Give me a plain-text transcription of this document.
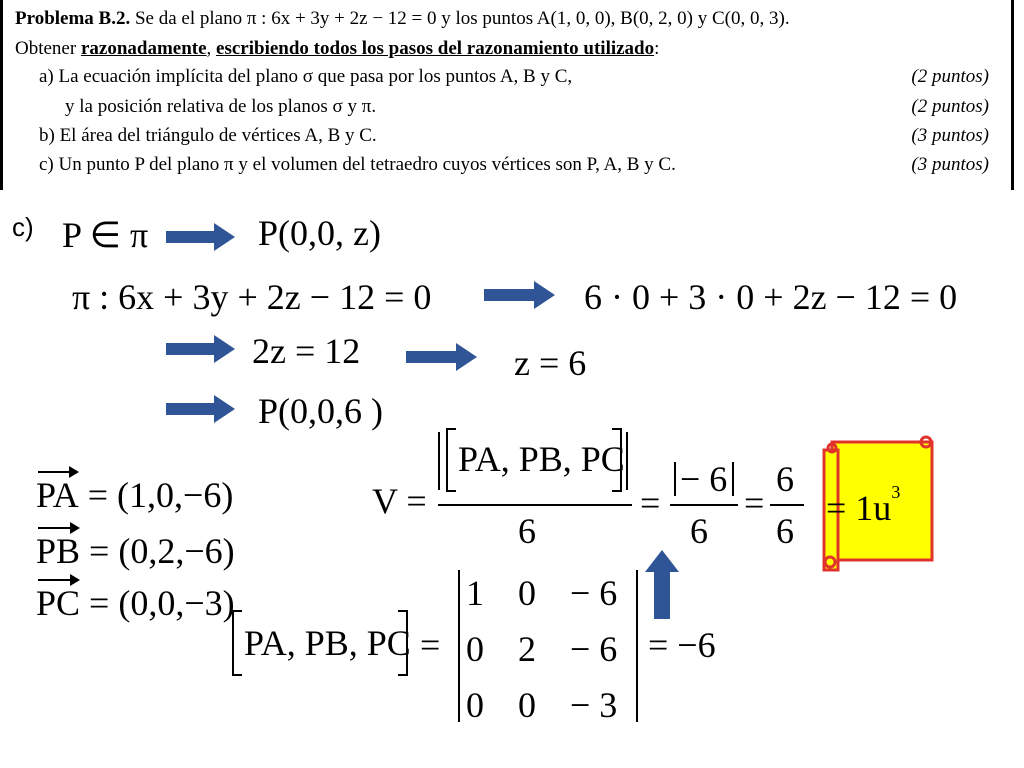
Problema B.2. Se da el plano π : 6x + 3y + 2z − 12 = 0 y los puntos A(1, 0, 0), B(0, 2, 0) y C(0, 0, 3).
Obtener razonadamente, escribiendo todos los pasos del razonamiento utilizado:
a) La ecuación implícita del plano σ que pasa por los puntos A, B y C,	(2 puntos)
y la posición relativa de los planos σ y π.	(2 puntos)
b) El área del triángulo de vértices A, B y C.	(3 puntos)
c) Un punto P del plano π y el volumen del tetraedro cuyos vértices son P, A, B y C.	(3 puntos)
c) P ∈ π	P(0,0, z)
π : 6x + 3y + 2z − 12 = 0	6 · 0 + 3 · 0 + 2z − 12 = 0
2z = 12	z = 6
P(0,0,6 )
PA = (1,0,−6)
PB = (0,2,−6)
PC = (0,0,−3)
V =
PA, PB, PC
6
=
− 6
6
=
6
6
= $1u^3$
PA, PB, PC =
1 0 − 6
0 2 − 6
0 0 − 3
= −6
